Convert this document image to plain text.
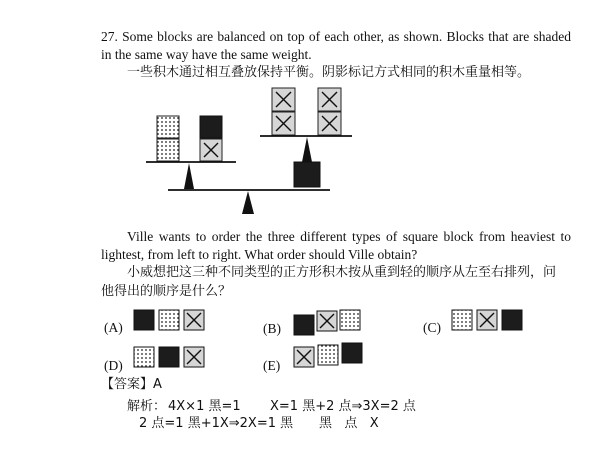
27. Some blocks are balanced on top of each other, as shown. Blocks that are shaded
in the same way have the same weight.
一些积木通过相互叠放保持平衡。阴影标记方式相同的积木重量相等。
Ville wants to order the three different types of square block from heaviest to
lightest, from left to right. What order should Ville obtain?
小威想把这三种不同类型的正方形积木按从重到轻的顺序从左至右排列，问
他得出的顺序是什么？
(A)	(B)	(C)
(D)	(E)
【答案】A
解析： 4X×1 黑=1 X=1 黑+2 点⇒3X=2 点
2 点=1 黑+1X⇒2X=1 黑 黑   点   X
